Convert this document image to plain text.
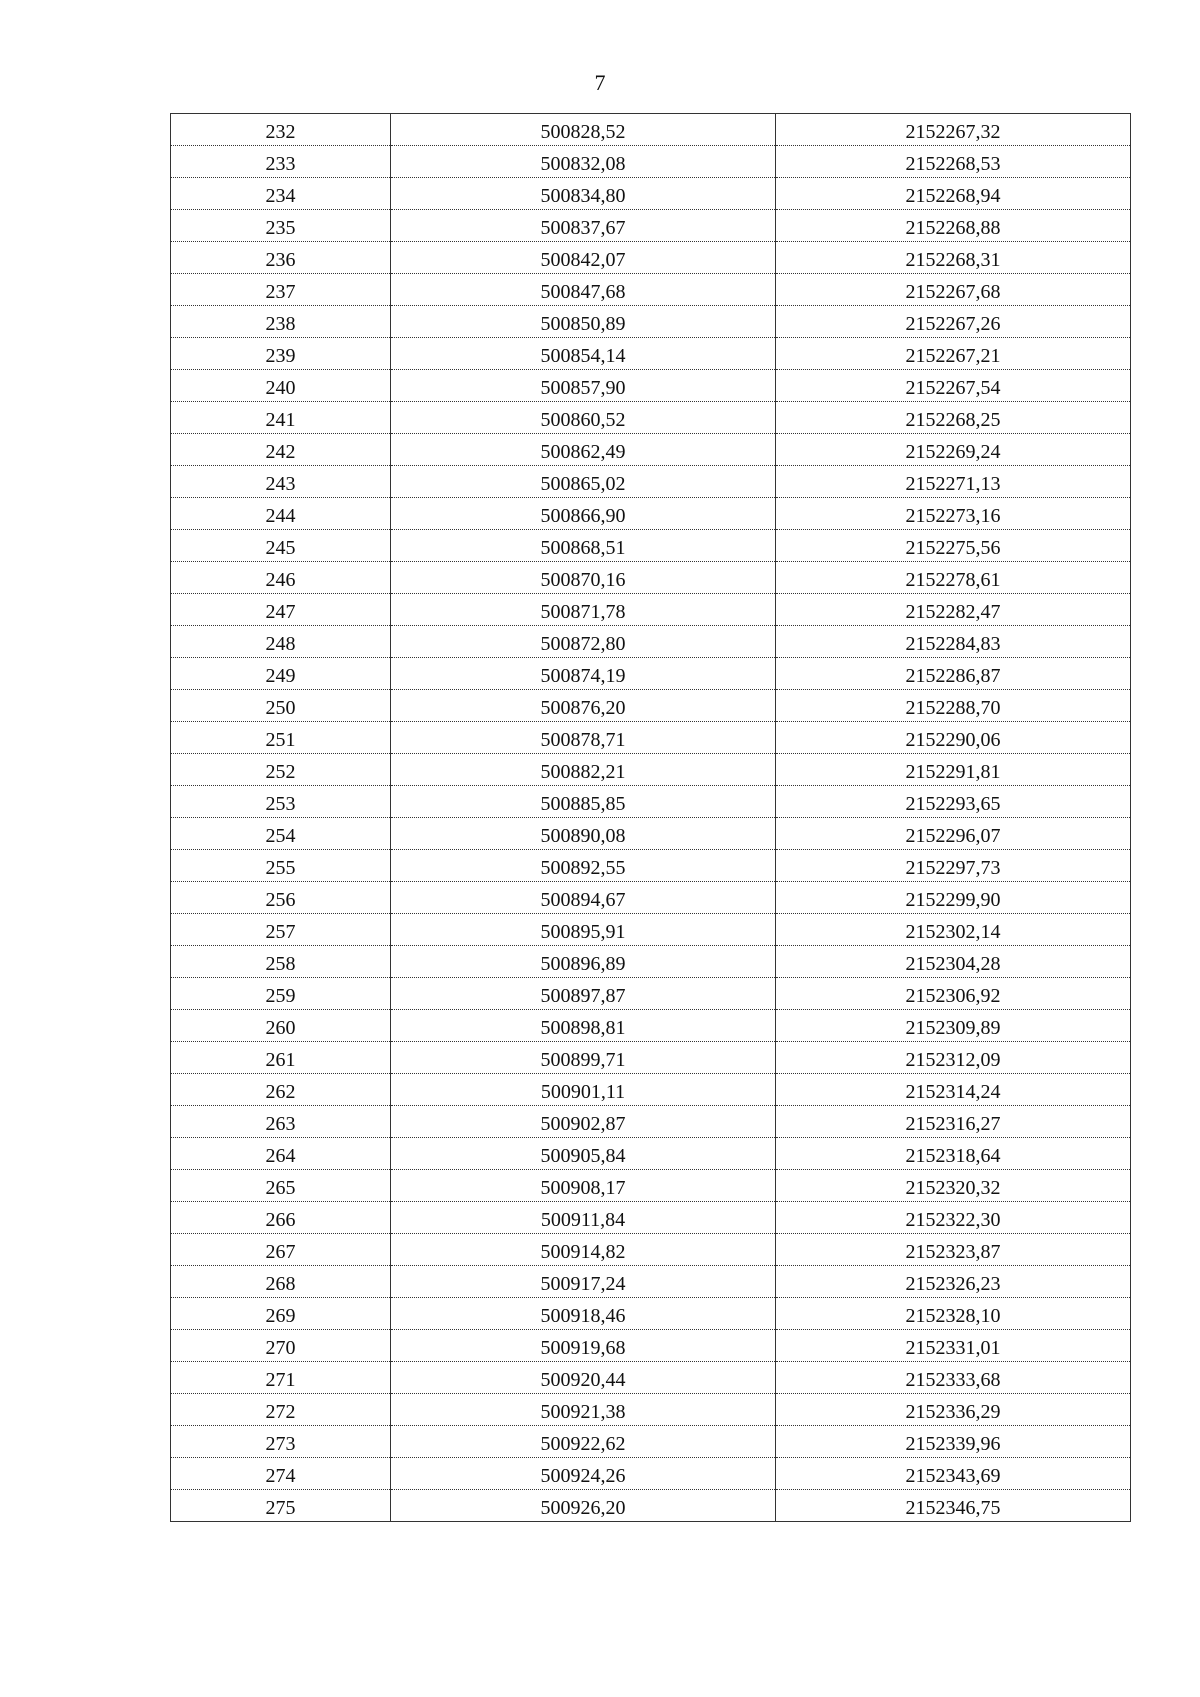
7
232	500828,52	2152267,32
233	500832,08	2152268,53
234	500834,80	2152268,94
235	500837,67	2152268,88
236	500842,07	2152268,31
237	500847,68	2152267,68
238	500850,89	2152267,26
239	500854,14	2152267,21
240	500857,90	2152267,54
241	500860,52	2152268,25
242	500862,49	2152269,24
243	500865,02	2152271,13
244	500866,90	2152273,16
245	500868,51	2152275,56
246	500870,16	2152278,61
247	500871,78	2152282,47
248	500872,80	2152284,83
249	500874,19	2152286,87
250	500876,20	2152288,70
251	500878,71	2152290,06
252	500882,21	2152291,81
253	500885,85	2152293,65
254	500890,08	2152296,07
255	500892,55	2152297,73
256	500894,67	2152299,90
257	500895,91	2152302,14
258	500896,89	2152304,28
259	500897,87	2152306,92
260	500898,81	2152309,89
261	500899,71	2152312,09
262	500901,11	2152314,24
263	500902,87	2152316,27
264	500905,84	2152318,64
265	500908,17	2152320,32
266	500911,84	2152322,30
267	500914,82	2152323,87
268	500917,24	2152326,23
269	500918,46	2152328,10
270	500919,68	2152331,01
271	500920,44	2152333,68
272	500921,38	2152336,29
273	500922,62	2152339,96
274	500924,26	2152343,69
275	500926,20	2152346,75
